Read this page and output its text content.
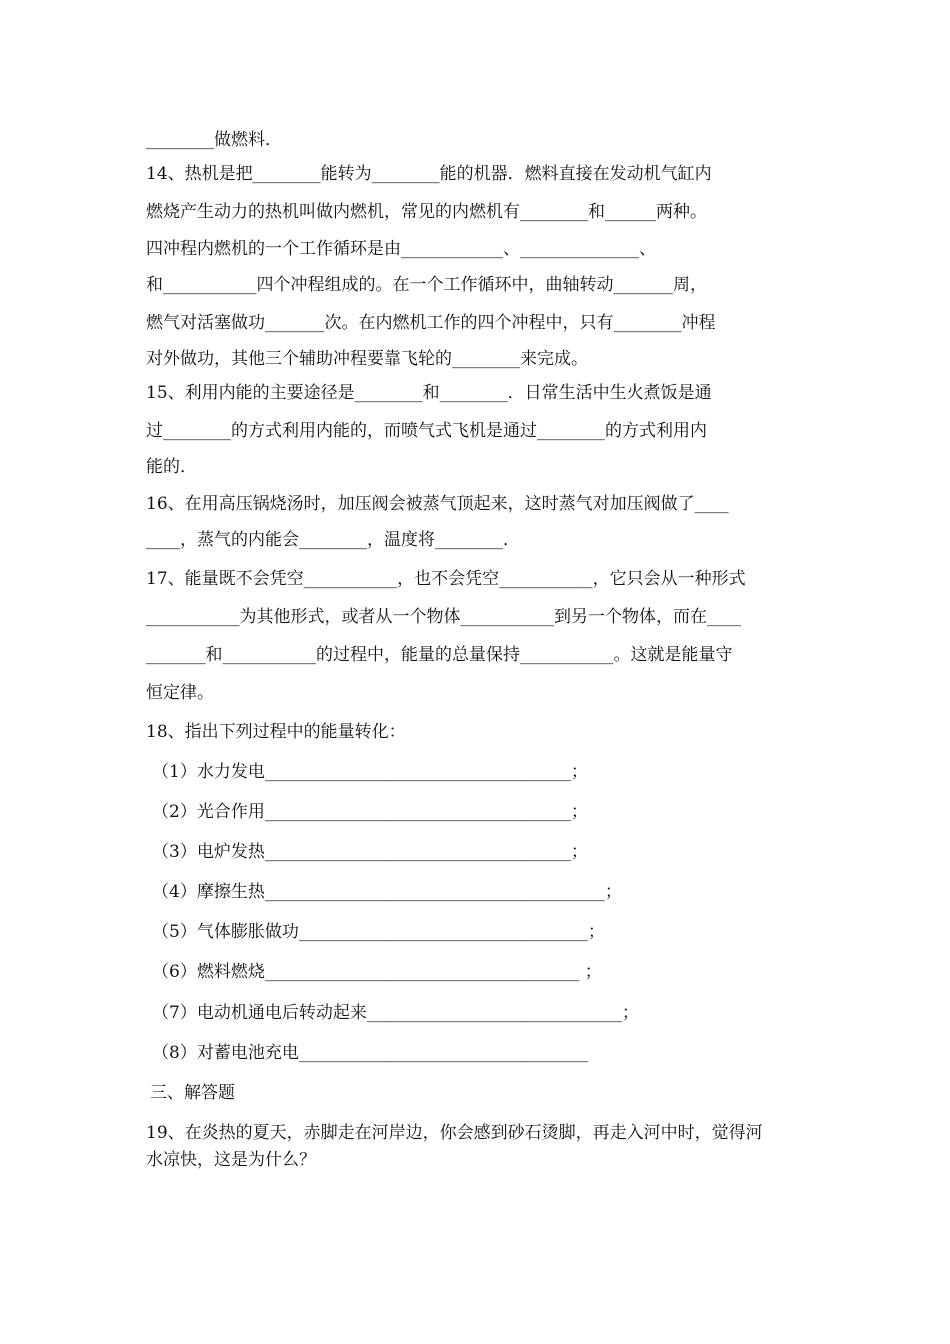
________做燃料．
14、热机是把________能转为________能的机器．燃料直接在发动机气缸内
燃烧产生动力的热机叫做内燃机，常见的内燃机有________和______两种。
四冲程内燃机的一个工作循环是由____________、______________、
和___________四个冲程组成的。在一个工作循环中，曲轴转动_______周，
燃气对活塞做功_______次。在内燃机工作的四个冲程中，只有________冲程
对外做功，其他三个辅助冲程要靠飞轮的________来完成。
15、利用内能的主要途径是________和________．日常生活中生火煮饭是通
过________的方式利用内能的，而喷气式飞机是通过________的方式利用内
能的．
16、在用高压锅烧汤时，加压阀会被蒸气顶起来，这时蒸气对加压阀做了____
____，蒸气的内能会________，温度将________．
17、能量既不会凭空___________，也不会凭空___________，它只会从一种形式
___________为其他形式，或者从一个物体___________到另一个物体，而在____
_______和___________的过程中，能量的总量保持___________。这就是能量守
恒定律。
18、指出下列过程中的能量转化：
（1）水力发电____________________________________；
（2）光合作用____________________________________；
（3）电炉发热____________________________________；
（4）摩擦生热________________________________________；
（5）气体膨胀做功__________________________________；
（6）燃料燃烧_____________________________________ ；
（7）电动机通电后转动起来______________________________；
（8）对蓄电池充电__________________________________
三、解答题
19、在炎热的夏天，赤脚走在河岸边，你会感到砂石烫脚，再走入河中时，觉得河
水凉快，这是为什么？
